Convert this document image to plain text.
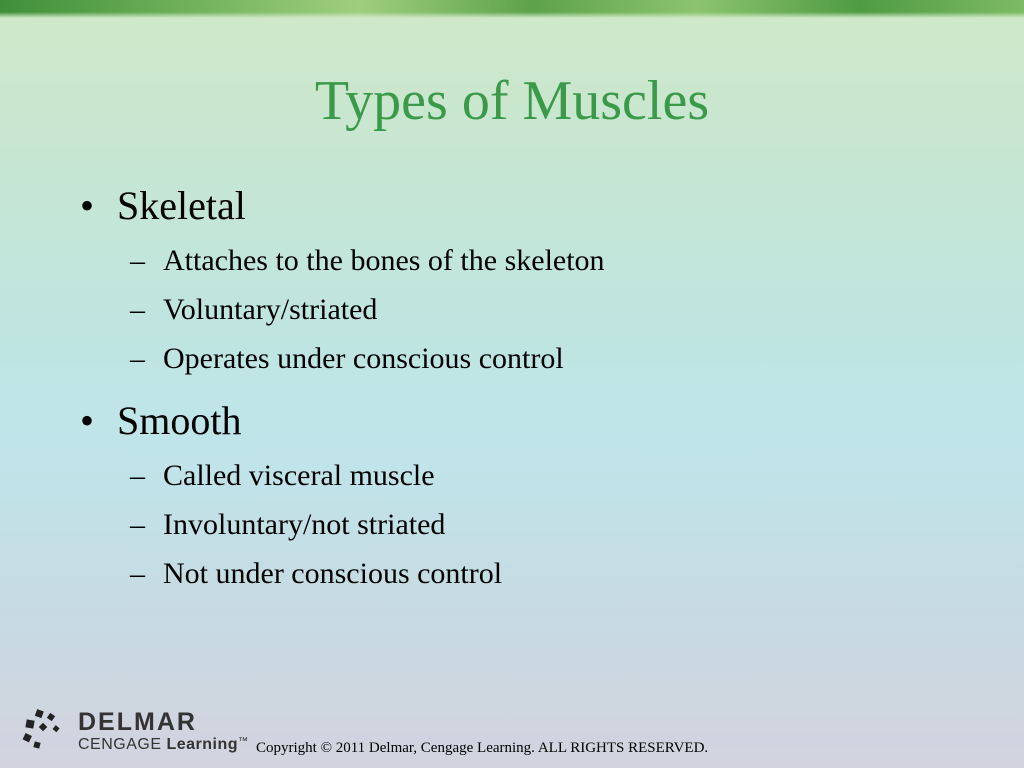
Types of Muscles
• Skeletal
– Attaches to the bones of the skeleton
– Voluntary/striated
– Operates under conscious control
• Smooth
– Called visceral muscle
– Involuntary/not striated
– Not under conscious control
DELMAR
CENGAGE Learning™ Copyright © 2011 Delmar, Cengage Learning. ALL RIGHTS RESERVED.
